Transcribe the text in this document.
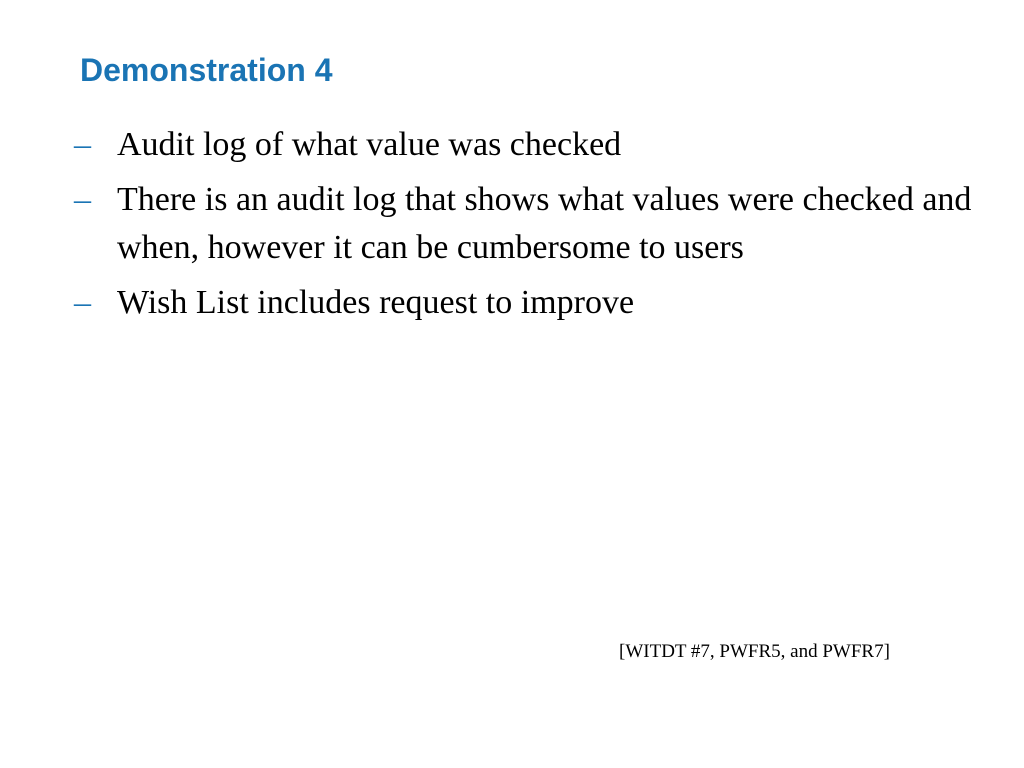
Demonstration 4
– Audit log of what value was checked
– There is an audit log that shows what values were checked and when, however it can be cumbersome to users
– Wish List includes request to improve

[WITDT #7, PWFR5, and PWFR7]
